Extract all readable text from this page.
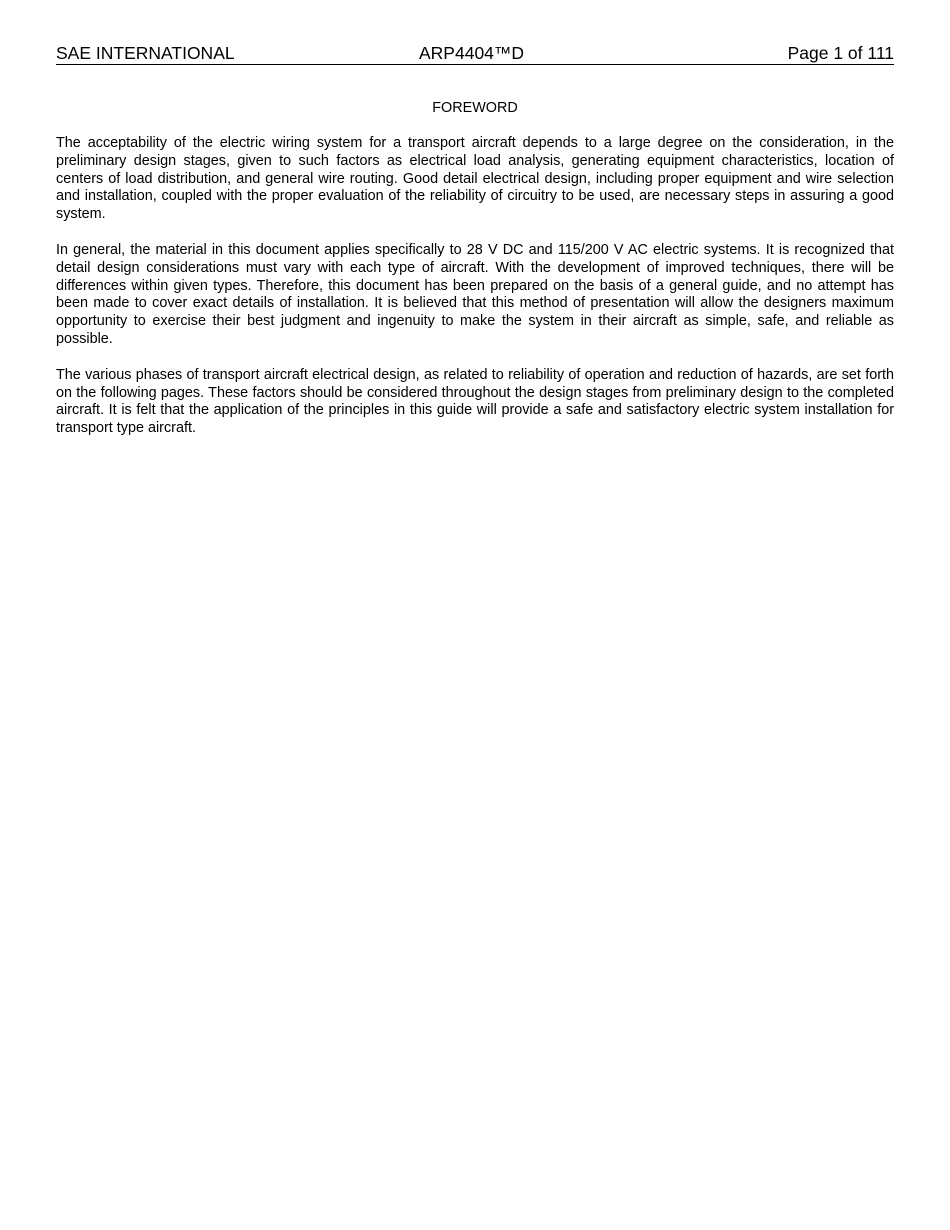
SAE INTERNATIONAL	ARP4404™D	Page 1 of 111
FOREWORD

The acceptability of the electric wiring system for a transport aircraft depends to a large degree on the consideration, in the preliminary design stages, given to such factors as electrical load analysis, generating equipment characteristics, location of centers of load distribution, and general wire routing. Good detail electrical design, including proper equipment and wire selection and installation, coupled with the proper evaluation of the reliability of circuitry to be used, are necessary steps in assuring a good system.

In general, the material in this document applies specifically to 28 V DC and 115/200 V AC electric systems. It is recognized that detail design considerations must vary with each type of aircraft. With the development of improved techniques, there will be differences within given types. Therefore, this document has been prepared on the basis of a general guide, and no attempt has been made to cover exact details of installation. It is believed that this method of presentation will allow the designers maximum opportunity to exercise their best judgment and ingenuity to make the system in their aircraft as simple, safe, and reliable as possible.

The various phases of transport aircraft electrical design, as related to reliability of operation and reduction of hazards, are set forth on the following pages. These factors should be considered throughout the design stages from preliminary design to the completed aircraft. It is felt that the application of the principles in this guide will provide a safe and satisfactory electric system installation for transport type aircraft.
